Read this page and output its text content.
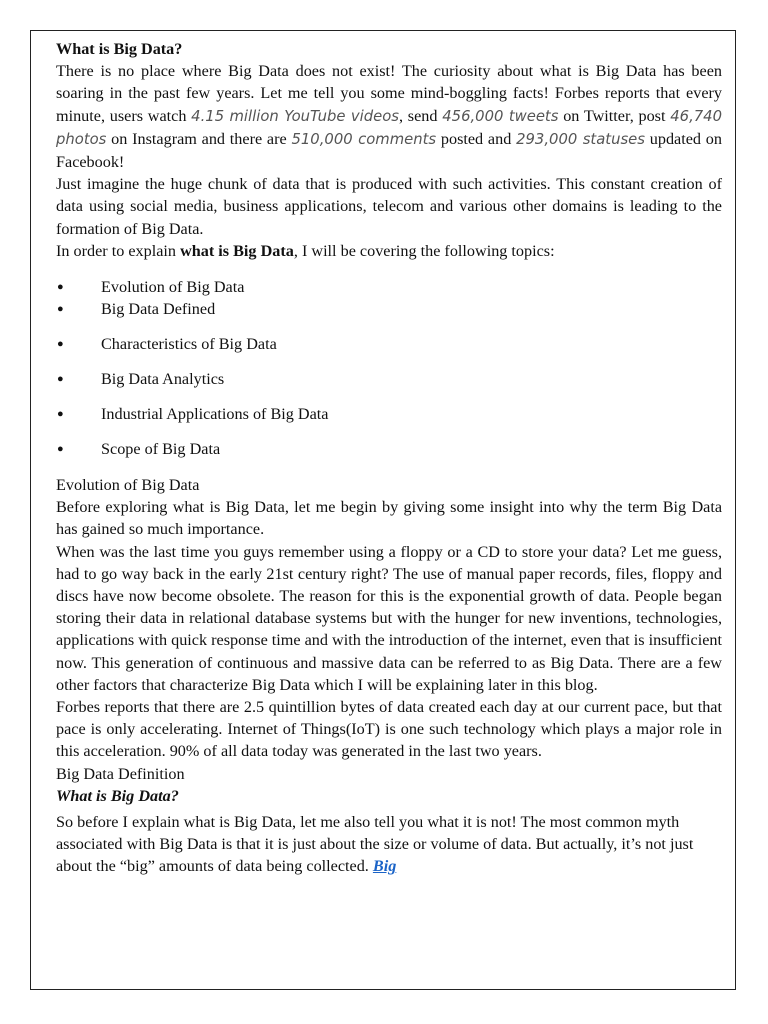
What is Big Data?

There is no place where Big Data does not exist! The curiosity about what is Big Data has been soaring in the past few years. Let me tell you some mind-boggling facts! Forbes reports that every minute, users watch 4.15 million YouTube videos, send 456,000 tweets on Twitter, post 46,740 photos on Instagram and there are 510,000 comments posted and 293,000 statuses updated on Facebook!

Just imagine the huge chunk of data that is produced with such activities. This constant creation of data using social media, business applications, telecom and various other domains is leading to the formation of Big Data.

In order to explain what is Big Data, I will be covering the following topics:

● Evolution of Big Data
● Big Data Defined
● Characteristics of Big Data
● Big Data Analytics
● Industrial Applications of Big Data
● Scope of Big Data

Evolution of Big Data

Before exploring what is Big Data, let me begin by giving some insight into why the term Big Data has gained so much importance.

When was the last time you guys remember using a floppy or a CD to store your data? Let me guess, had to go way back in the early 21st century right? The use of manual paper records, files, floppy and discs have now become obsolete. The reason for this is the exponential growth of data. People began storing their data in relational database systems but with the hunger for new inventions, technologies, applications with quick response time and with the introduction of the internet, even that is insufficient now. This generation of continuous and massive data can be referred to as Big Data. There are a few other factors that characterize Big Data which I will be explaining later in this blog.

Forbes reports that there are 2.5 quintillion bytes of data created each day at our current pace, but that pace is only accelerating. Internet of Things(IoT) is one such technology which plays a major role in this acceleration. 90% of all data today was generated in the last two years.

Big Data Definition

What is Big Data?

So before I explain what is Big Data, let me also tell you what it is not! The most common myth associated with Big Data is that it is just about the size or volume of data. But actually, it’s not just about the “big” amounts of data being collected. Big
